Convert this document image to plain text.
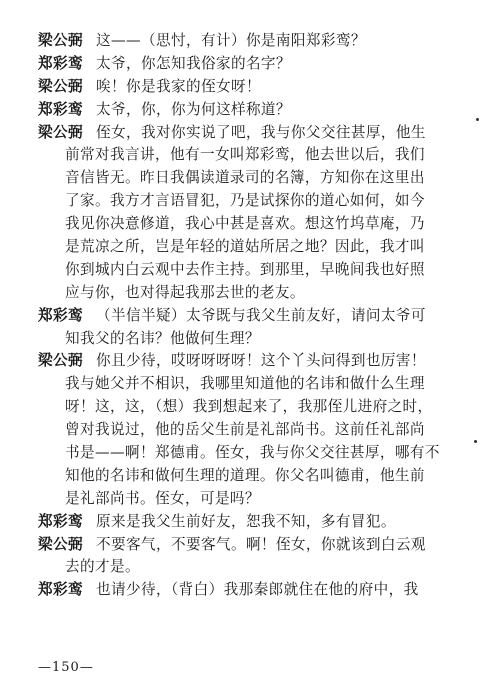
梁公弼 这——（思忖，有计）你是南阳郑彩鸾？
郑彩鸾 太爷，你怎知我俗家的名字？
梁公弼 唉！你是我家的侄女呀！
郑彩鸾 太爷，你，你为何这样称道？
梁公弼 侄女，我对你实说了吧，我与你父交往甚厚，他生
前常对我言讲，他有一女叫郑彩鸾，他去世以后，我们
音信皆无。昨日我偶读道录司的名簿，方知你在这里出
了家。我方才言语冒犯，乃是试探你的道心如何，如今
我见你决意修道，我心中甚是喜欢。想这竹坞草庵，乃
是荒凉之所，岂是年轻的道姑所居之地？因此，我才叫
你到城内白云观中去作主持。到那里，早晚间我也好照
应与你，也对得起我那去世的老友。
郑彩鸾 （半信半疑）太爷既与我父生前友好，请问太爷可
知我父的名讳？他做何生理？
梁公弼 你且少待，哎呀呀呀呀！这个丫头问得到也厉害！
我与她父并不相识，我哪里知道他的名讳和做什么生理
呀！这，这，（想）我到想起来了，我那侄儿进府之时，
曾对我说过，他的岳父生前是礼部尚书。这前任礼部尚
书是——啊！郑德甫。侄女，我与你父交往甚厚，哪有不
知他的名讳和做何生理的道理。你父名叫德甫，他生前
是礼部尚书。侄女，可是吗？
郑彩鸾 原来是我父生前好友，恕我不知，多有冒犯。
梁公弼 不要客气，不要客气。啊！侄女，你就该到白云观
去的才是。
郑彩鸾 也请少待，（背白）我那秦郎就住在他的府中，我
—150—
